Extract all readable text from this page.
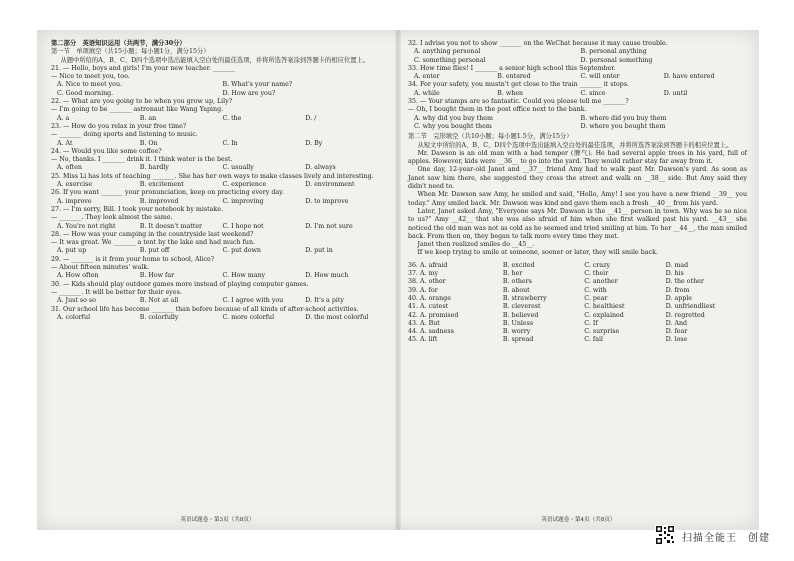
第二部分　英语知识运用（共两节，满分30分）

第一节　单项填空（共15小题；每小题1分，满分15分）

从题中所给的A、B、C、D四个选项中选出能填入空白处的最佳选项，并将所选答案涂到答题卡的相应位置上。

21. — Hello, boys and girls! I'm your new teacher. _______

— Nice to meet you, too.

A. Nice to meet you.	B. What's your name?
C. Good morning.	D. How are you?

22. — What are you going to be when you grow up, Lily?

— I'm going to be _______ astronaut like Wang Yaping.

A. a	B. an	C. the	D. /

23. — How do you relax in your free time?

— _______ doing sports and listening to music.

A. At	B. On	C. In	D. By

24. — Would you like some coffee?

— No, thanks. I _______ drink it. I think water is the best.

A. often	B. hardly	C. usually	D. always

25. Miss Li has lots of teaching _______. She has her own ways to make classes lively and interesting.

A. exercise	B. excitement	C. experience	D. environment

26. If you want _______ your pronunciation, keep on practicing every day.

A. improve	B. improved	C. improving	D. to improve

27. — I'm sorry, Bill. I took your notebook by mistake.

— _______. They look almost the same.

A. You're not right	B. It doesn't matter	C. I hope not	D. I'm not sure

28. — How was your camping in the countryside last weekend?

— It was great. We _______ a tent by the lake and had much fun.

A. put up	B. put off	C. put down	D. put in

29. — _______ is it from your home to school, Alice?

— About fifteen minutes' walk.

A. How often	B. How far	C. How many	D. How much

30. — Kids should play outdoor games more instead of playing computer games.

— _______. It will be better for their eyes.

A. Just so so	B. Not at all	C. I agree with you	D. It's a pity

31. Our school life has become _______ than before because of all kinds of after-school activities.

A. colorful	B. colorfully	C. more colorful	D. the most colorful
英语试题卷・第3页（共8页）

32. I advise you not to show _______ on the WeChat because it may cause trouble.

A. anything personal	B. personal anything
C. something personal	D. personal something

33. How time flies! I _______ a senior high school this September.

A. enter	B. entered	C. will enter	D. have entered

34. For your safety, you mustn't get close to the train _______ it stops.

A. while	B. when	C. since	D. until

35. — Your stamps are so fantastic. Could you please tell me _______?

— Oh, I bought them in the post office next to the bank.

A. why did you buy them	B. where did you buy them
C. why you bought them	D. where you bought them

第二节　完形填空（共10小题；每小题1.5分，满分15分）

从短文中所给的A、B、C、D四个选项中选出能填入空白处的最佳选项，并将所选答案涂到答题卡的相应位置上。

Mr. Dawson is an old man with a bad temper (脾气). He had several apple trees in his yard, full of apples. However, kids were __36__ to go into the yard. They would rather stay far away from it.

One day, 12-year-old Janet and __37__ friend Amy had to walk past Mr. Dawson's yard. As soon as Janet saw him there, she suggested they cross the street and walk on __38__ side. But Amy said they didn't need to.

When Mr. Dawson saw Amy, he smiled and said, "Hello, Amy! I see you have a new friend __39__ you today." Amy smiled back. Mr. Dawson was kind and gave them each a fresh __40__ from his yard.

Later, Janet asked Amy, "Everyone says Mr. Dawson is the __41__ person in town. Why was he so nice to us?" Amy __42__ that she was also afraid of him when she first walked past his yard. __43__ she noticed the old man was not as cold as he seemed and tried smiling at him. To her __44__, the man smiled back. From then on, they began to talk more every time they met.

Janet then realized smiles do __45__.

If we keep trying to smile at someone, sooner or later, they will smile back.

36. A. afraid	B. excited	C. crazy	D. mad
37. A. my	B. her	C. their	D. his
38. A. other	B. others	C. another	D. the other
39. A. for	B. about	C. with	D. from
40. A. orange	B. strawberry	C. pear	D. apple
41. A. cutest	B. cleverest	C. healthiest	D. unfriendliest
42. A. promised	B. believed	C. explained	D. regretted
43. A. But	B. Unless	C. If	D. And
44. A. sadness	B. worry	C. surprise	D. fear
45. A. lift	B. spread	C. fail	D. lose
英语试题卷・第4页（共8页）
扫描全能王　创建
